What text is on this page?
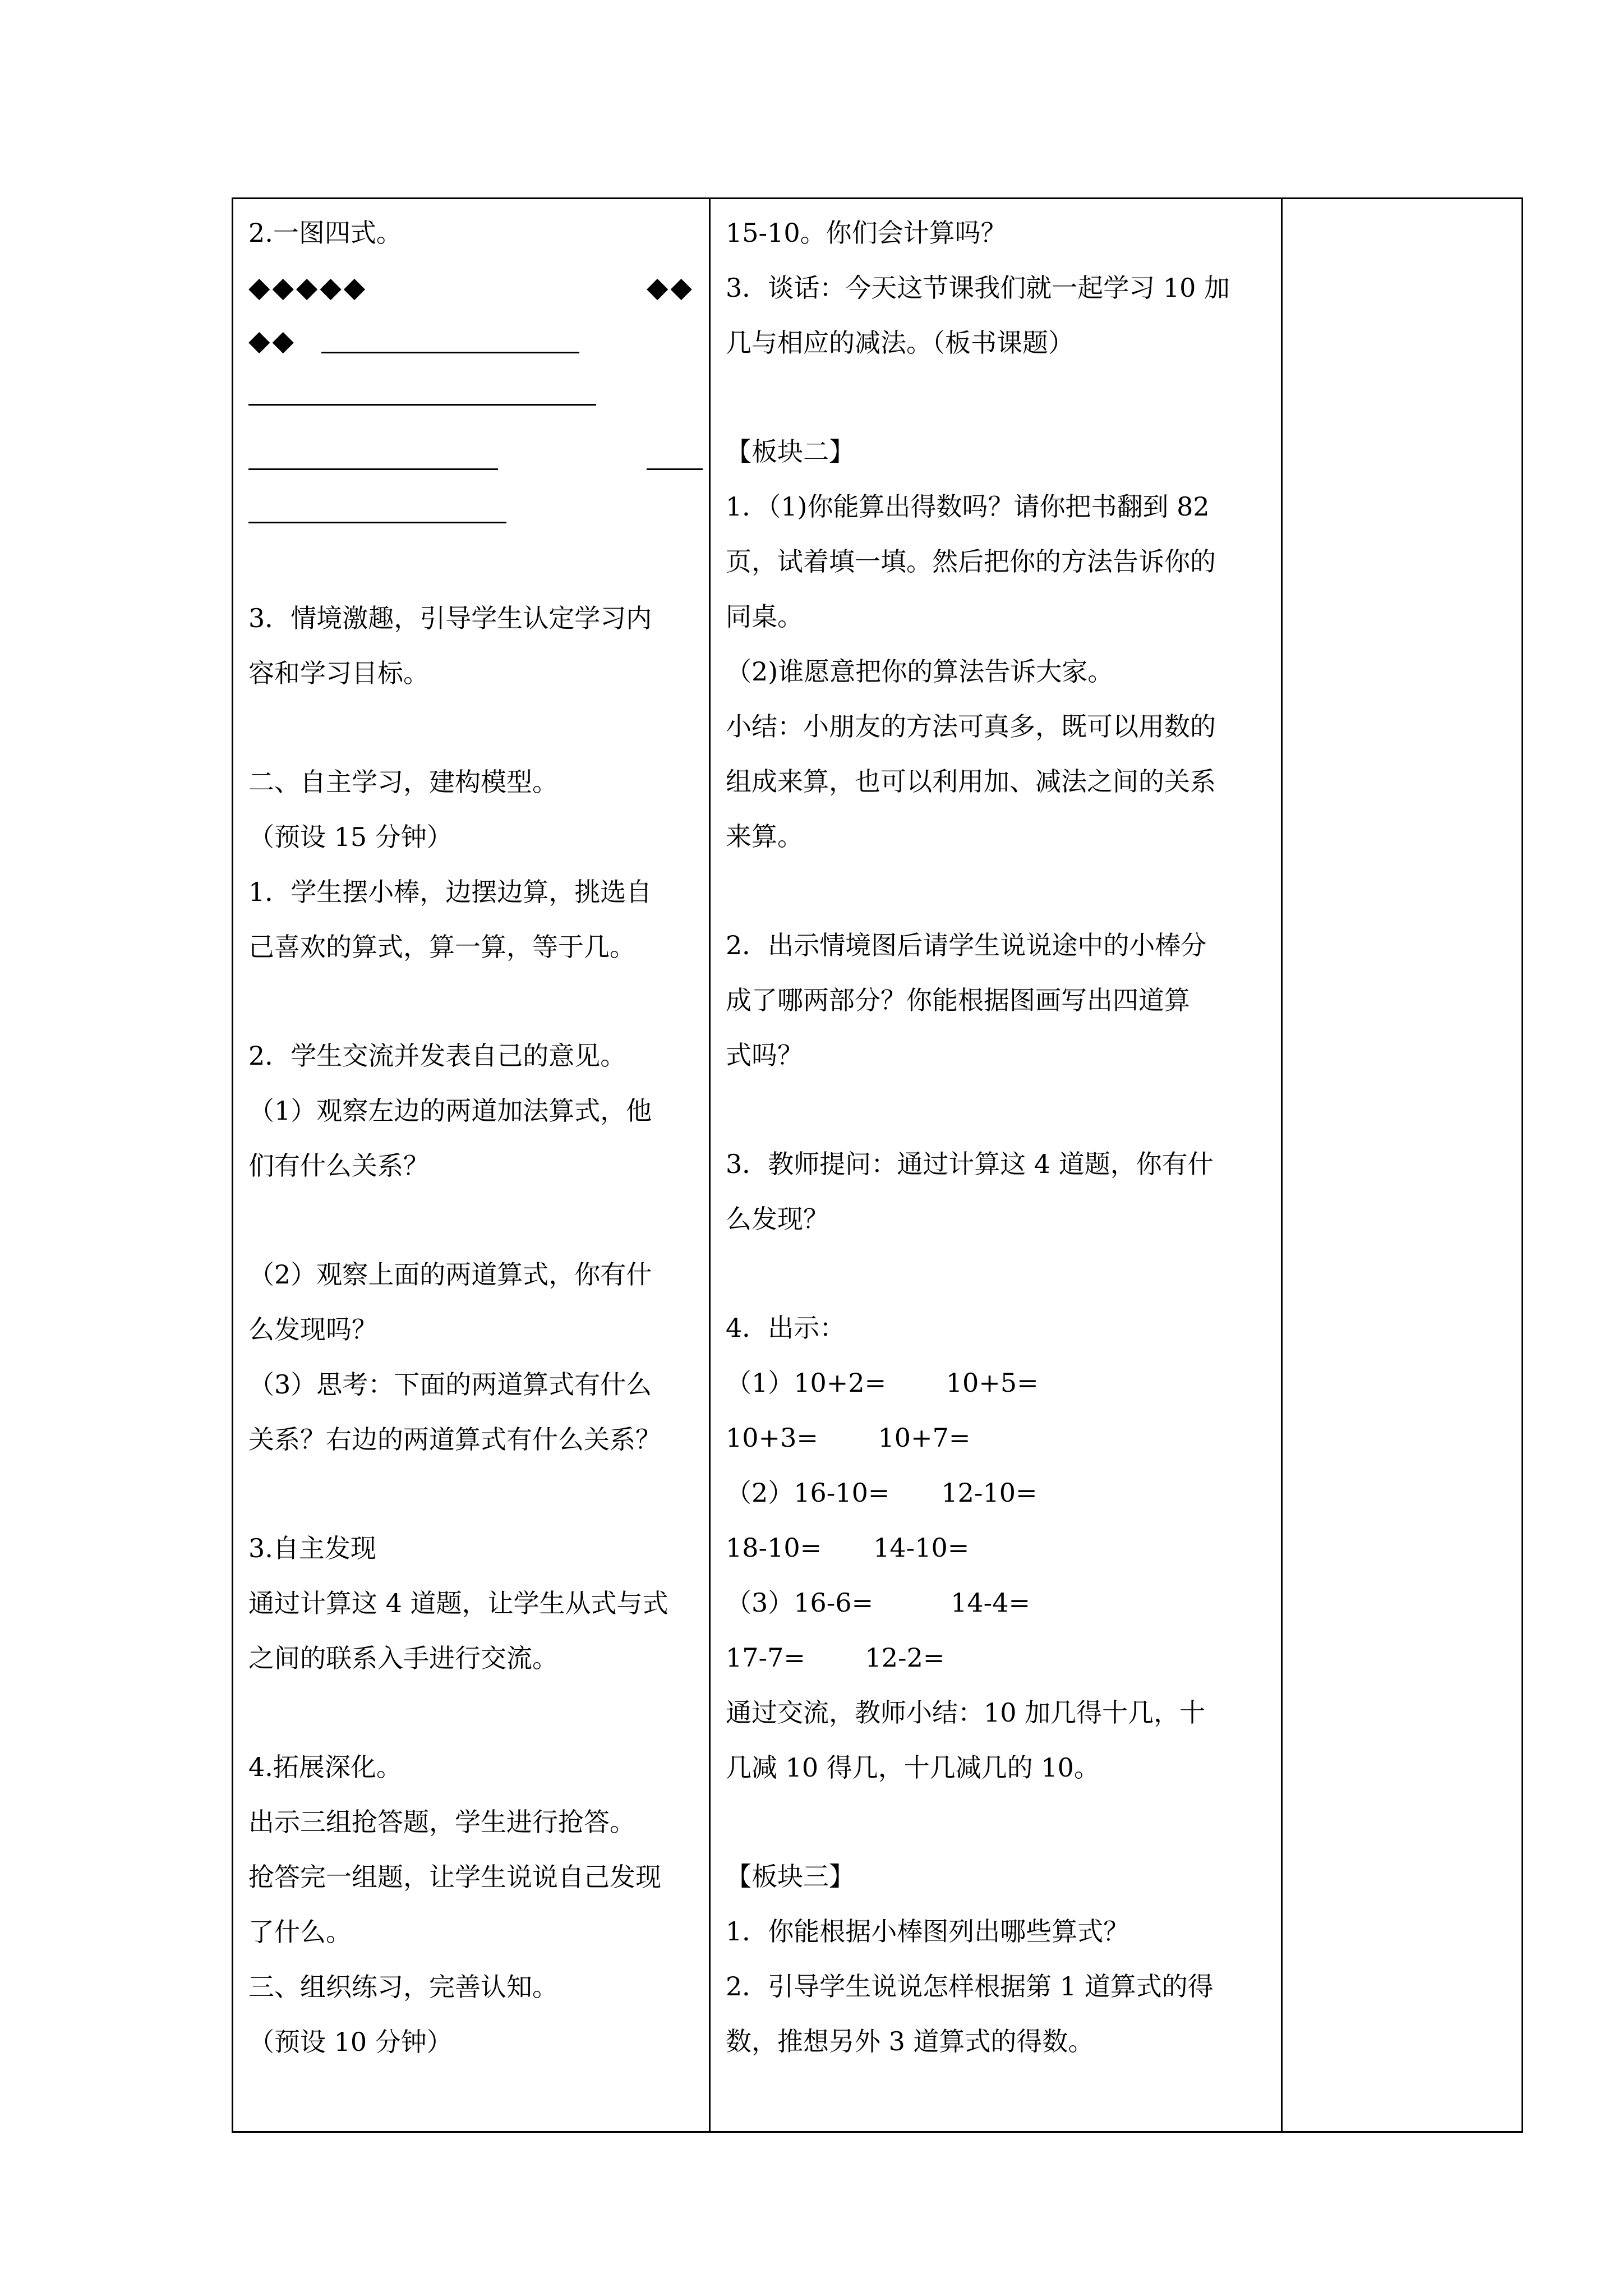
2.一图四式。
◆◆◆◆◆	◆◆
◆◆
3．情境激趣，引导学生认定学习内
容和学习目标。
二、自主学习，建构模型。
（预设 15 分钟）
1．学生摆小棒，边摆边算，挑选自
己喜欢的算式，算一算，等于几。
2．学生交流并发表自己的意见。
（1）观察左边的两道加法算式，他
们有什么关系？
（2）观察上面的两道算式，你有什
么发现吗？
（3）思考：下面的两道算式有什么
关系？右边的两道算式有什么关系？
3.自主发现
通过计算这 4 道题，让学生从式与式
之间的联系入手进行交流。
4.拓展深化。
出示三组抢答题，学生进行抢答。
抢答完一组题，让学生说说自己发现
了什么。
三、组织练习，完善认知。
（预设 10 分钟）
15-10。你们会计算吗？
3．谈话：今天这节课我们就一起学习 10 加
几与相应的减法。（板书课题）
【板块二】
1．（1)你能算出得数吗？请你把书翻到 82
页，试着填一填。然后把你的方法告诉你的
同桌。
（2)谁愿意把你的算法告诉大家。
小结：小朋友的方法可真多，既可以用数的
组成来算，也可以利用加、减法之间的关系
来算。
2．出示情境图后请学生说说途中的小棒分
成了哪两部分？你能根据图画写出四道算
式吗？
3．教师提问：通过计算这 4 道题，你有什
么发现？
4．出示：
（1）10+2=　　 10+5=
10+3=　　 10+7=
（2）16-10=　　12-10=
18-10=　　14-10=
（3）16-6=　　　14-4=
17-7=　　 12-2=
通过交流，教师小结：10 加几得十几，十
几减 10 得几，十几减几的 10。
【板块三】
1．你能根据小棒图列出哪些算式？
2．引导学生说说怎样根据第 1 道算式的得
数，推想另外 3 道算式的得数。
